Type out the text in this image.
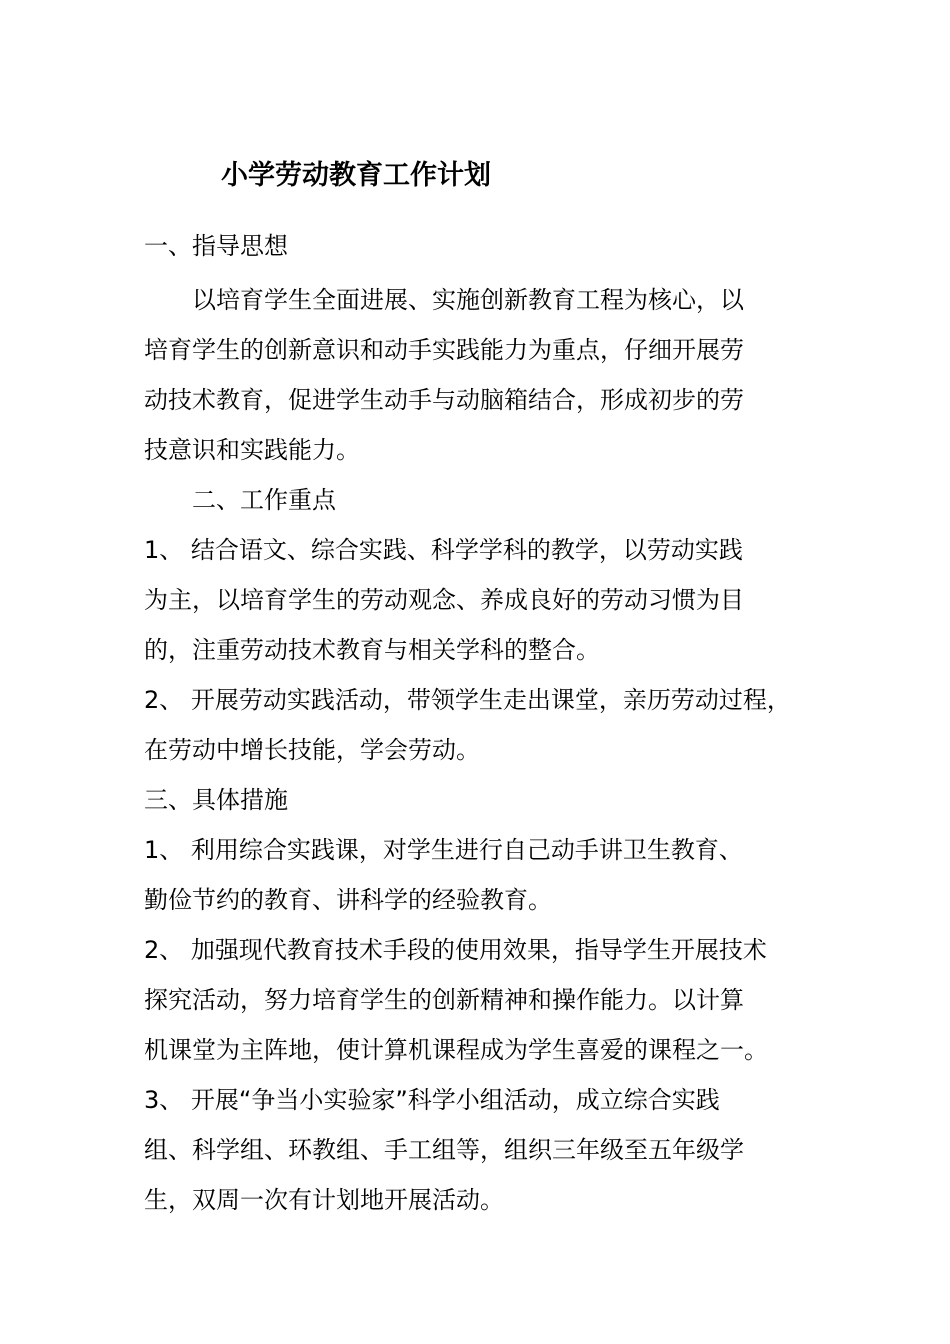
小学劳动教育工作计划
一、指导思想
　　以培育学生全面进展、实施创新教育工程为核心，以
培育学生的创新意识和动手实践能力为重点，仔细开展劳
动技术教育，促进学生动手与动脑箱结合，形成初步的劳
技意识和实践能力。
　　二、工作重点
1、 结合语文、综合实践、科学学科的教学，以劳动实践
为主，以培育学生的劳动观念、养成良好的劳动习惯为目
的，注重劳动技术教育与相关学科的整合。
2、 开展劳动实践活动，带领学生走出课堂，亲历劳动过程，
在劳动中增长技能，学会劳动。
三、具体措施
1、 利用综合实践课，对学生进行自己动手讲卫生教育、
勤俭节约的教育、讲科学的经验教育。
2、 加强现代教育技术手段的使用效果，指导学生开展技术
探究活动，努力培育学生的创新精神和操作能力。以计算
机课堂为主阵地，使计算机课程成为学生喜爱的课程之一。
3、 开展“争当小实验家”科学小组活动，成立综合实践
组、科学组、环教组、手工组等，组织三年级至五年级学
生，双周一次有计划地开展活动。
